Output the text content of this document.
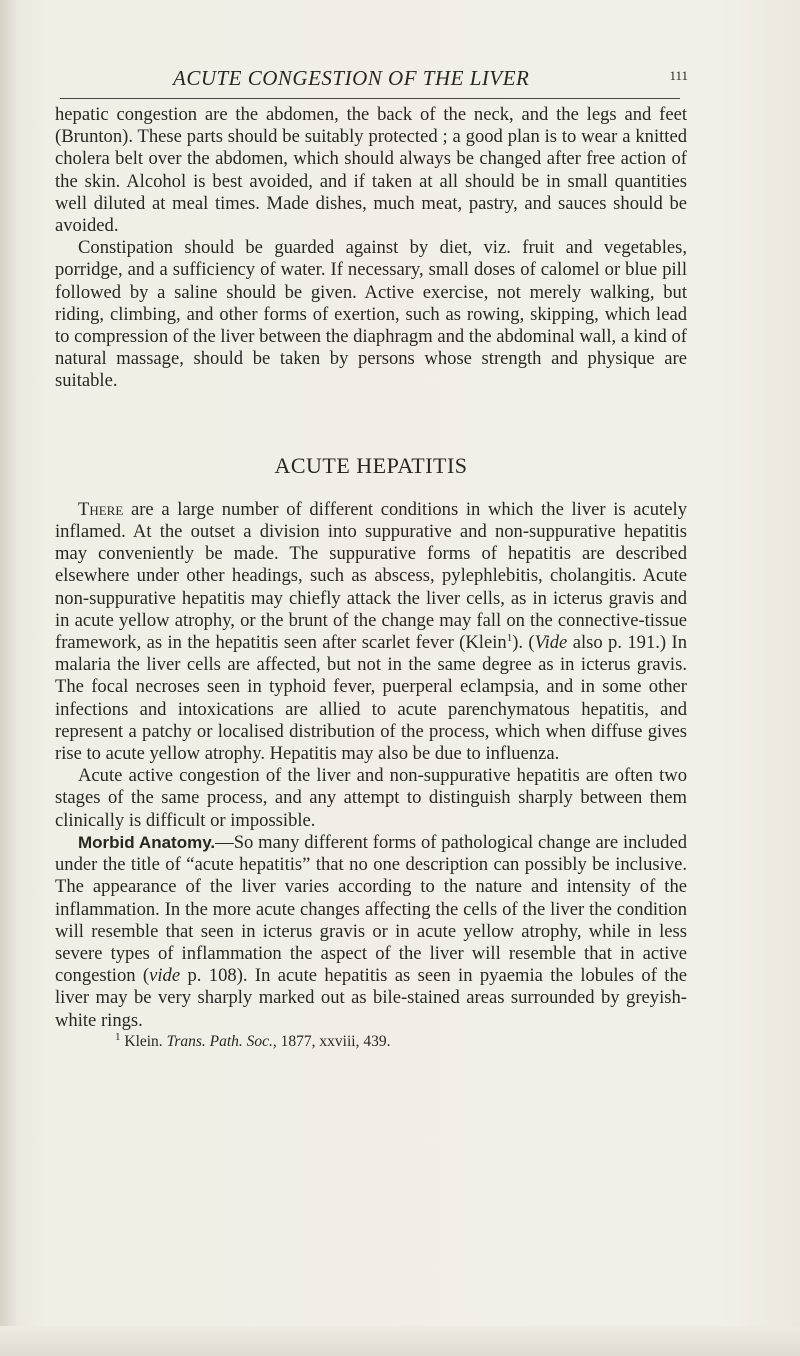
ACUTE CONGESTION OF THE LIVER	111

hepatic congestion are the abdomen, the back of the neck, and the legs and feet (Brunton). These parts should be suitably protected ; a good plan is to wear a knitted cholera belt over the abdomen, which should always be changed after free action of the skin. Alcohol is best avoided, and if taken at all should be in small quantities well diluted at meal times. Made dishes, much meat, pastry, and sauces should be avoided.

Constipation should be guarded against by diet, viz. fruit and vegetables, porridge, and a sufficiency of water. If necessary, small doses of calomel or blue pill followed by a saline should be given. Active exercise, not merely walking, but riding, climbing, and other forms of exertion, such as rowing, skipping, which lead to compression of the liver between the diaphragm and the abdominal wall, a kind of natural massage, should be taken by persons whose strength and physique are suitable.

ACUTE HEPATITIS

There are a large number of different conditions in which the liver is acutely inflamed. At the outset a division into suppurative and non-suppurative hepatitis may conveniently be made. The suppurative forms of hepatitis are described elsewhere under other headings, such as abscess, pylephlebitis, cholangitis. Acute non-suppurative hepatitis may chiefly attack the liver cells, as in icterus gravis and in acute yellow atrophy, or the brunt of the change may fall on the connective-tissue framework, as in the hepatitis seen after scarlet fever (Klein$^1$). (Vide also p. 191.) In malaria the liver cells are affected, but not in the same degree as in icterus gravis. The focal necroses seen in typhoid fever, puerperal eclampsia, and in some other infections and intoxications are allied to acute parenchymatous hepatitis, and represent a patchy or localised distribution of the process, which when diffuse gives rise to acute yellow atrophy. Hepatitis may also be due to influenza.

Acute active congestion of the liver and non-suppurative hepatitis are often two stages of the same process, and any attempt to distinguish sharply between them clinically is difficult or impossible.

Morbid Anatomy.—So many different forms of pathological change are included under the title of “acute hepatitis” that no one description can possibly be inclusive. The appearance of the liver varies according to the nature and intensity of the inflammation. In the more acute changes affecting the cells of the liver the condition will resemble that seen in icterus gravis or in acute yellow atrophy, while in less severe types of inflammation the aspect of the liver will resemble that in active congestion (vide p. 108). In acute hepatitis as seen in pyaemia the lobules of the liver may be very sharply marked out as bile-stained areas surrounded by greyish-white rings.

$^1$ Klein. Trans. Path. Soc., 1877, xxviii, 439.
